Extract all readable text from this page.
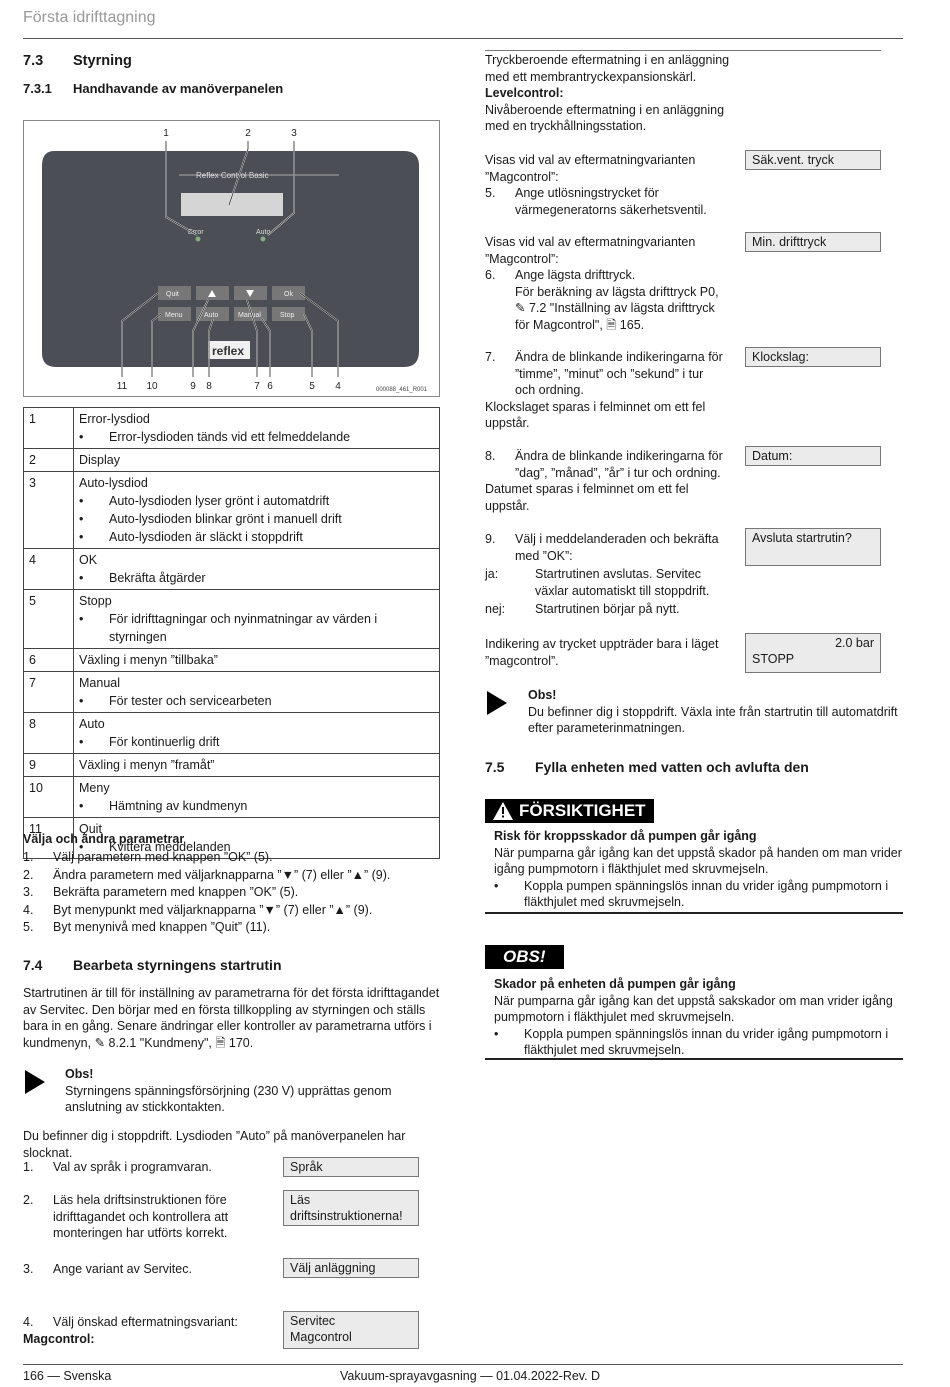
Första idrifttagning
7.3 Styrning
7.3.1 Handhavande av manöverpanelen
Reflex Control Basic
Error	Auto
Quit	Ok
Menu	Auto	Manual	Stop
reflex
1	2	3
11 10	9 8	7 6	5 4	000088_461_R001
1	Error-lysdiod
• Error-lysdioden tänds vid ett felmeddelande

2	Display

3	Auto-lysdiod
• Auto-lysdioden lyser grönt i automatdrift
• Auto-lysdioden blinkar grönt i manuell drift
• Auto-lysdioden är släckt i stoppdrift

4	OK
• Bekräfta åtgärder

5	Stopp
• För idrifttagningar och nyinmatningar av värden i styrningen

6	Växling i menyn ”tillbaka”

7	Manual
• För tester och servicearbeten

8	Auto
• För kontinuerlig drift

9	Växling i menyn ”framåt”

10	Meny
• Hämtning av kundmenyn

11	Quit
• Kvittera meddelanden
Välja och ändra parametrar
1. Välj parametern med knappen ”OK” (5).
2. Ändra parametern med väljarknapparna ”▼” (7) eller ”▲” (9).
3. Bekräfta parametern med knappen ”OK” (5).
4. Byt menypunkt med väljarknapparna ”▼” (7) eller ”▲” (9).
5. Byt menynivå med knappen ”Quit” (11).
7.4 Bearbeta styrningens startrutin
Startrutinen är till för inställning av parametrarna för det första idrifttagandet av Servitec. Den börjar med en första tillkoppling av styrningen och ställs bara in en gång. Senare ändringar eller kontroller av parametrarna utförs i kundmenyn, ✎ 8.2.1 "Kundmeny", 🗎 170.
Obs!
Styrningens spänningsförsörjning (230 V) upprättas genom anslutning av stickkontakten.
Du befinner dig i stoppdrift. Lysdioden ”Auto” på manöverpanelen har slocknat.
1. Val av språk i programvaran.	Språk
2. Läs hela driftsinstruktionen före idrifttagandet och kontrollera att monteringen har utförts korrekt.
Läs driftsinstruktionerna!
3. Ange variant av Servitec.	Välj anläggning
4. Välj önskad eftermatningsvariant:
Magcontrol:
Servitec
Magcontrol
Tryckberoende eftermatning i en anläggning med ett membrantryckexpansionskärl.
Levelcontrol:
Nivåberoende eftermatning i en anläggning med en tryckhållningsstation.
Visas vid val av eftermatningvarianten ”Magcontrol”:
5. Ange utlösningstrycket för värmegeneratorns säkerhetsventil.
Säk.vent. tryck
Visas vid val av eftermatningvarianten ”Magcontrol”:
6. Ange lägsta drifttryck.
För beräkning av lägsta drifttryck P0, ✎ 7.2 "Inställning av lägsta drifttryck för Magcontrol", 🗎 165.
Min. drifttryck
7. Ändra de blinkande indikeringarna för ”timme”, ”minut” och ”sekund” i tur och ordning.
Klockslaget sparas i felminnet om ett fel uppstår.
Klockslag:
8. Ändra de blinkande indikeringarna för ”dag”, ”månad”, ”år” i tur och ordning.
Datumet sparas i felminnet om ett fel uppstår.
Datum:
9. Välj i meddelanderaden och bekräfta med ”OK”:
ja:	Startrutinen avslutas. Servitec växlar automatiskt till stoppdrift.
nej: Startrutinen börjar på nytt.
Avsluta startrutin?
Indikering av trycket uppträder bara i läget ”magcontrol”.
2.0 bar
STOPP
Obs!
Du befinner dig i stoppdrift. Växla inte från startrutin till automatdrift efter parameterinmatningen.
7.5 Fylla enheten med vatten och avlufta den
FÖRSIKTIGHET
Risk för kroppsskador då pumpen går igång
När pumparna går igång kan det uppstå skador på handen om man vrider igång pumpmotorn i fläkthjulet med skruvmejseln.
• Koppla pumpen spänningslös innan du vrider igång pumpmotorn i fläkthjulet med skruvmejseln.
OBS!
Skador på enheten då pumpen går igång
När pumparna går igång kan det uppstå sakskador om man vrider igång pumpmotorn i fläkthjulet med skruvmejseln.
• Koppla pumpen spänningslös innan du vrider igång pumpmotorn i fläkthjulet med skruvmejseln.
166 — Svenska	Vakuum-sprayavgasning — 01.04.2022-Rev. D
